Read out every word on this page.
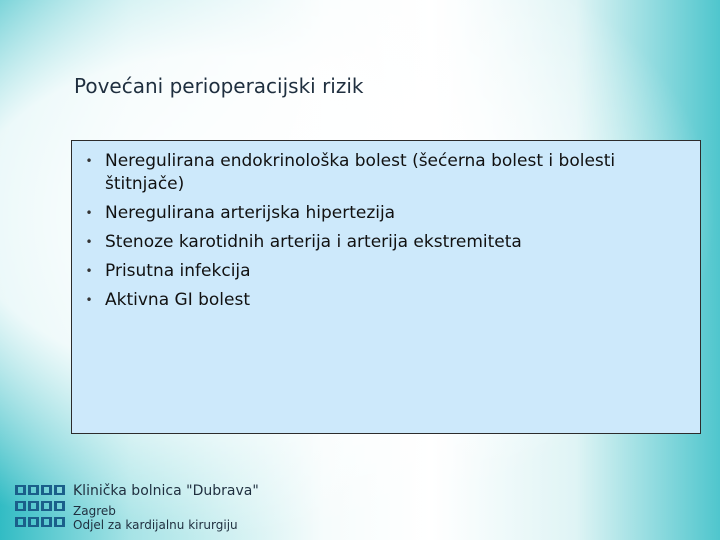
Povećani perioperacijski rizik
• Neregulirana endokrinološka bolest (šećerna bolest i bolesti
štitnjače)
• Neregulirana arterijska hipertezija
• Stenoze karotidnih arterija i arterija ekstremiteta
• Prisutna infekcija
• Aktivna GI bolest
Klinička bolnica "Dubrava"
Zagreb
Odjel za kardijalnu kirurgiju
